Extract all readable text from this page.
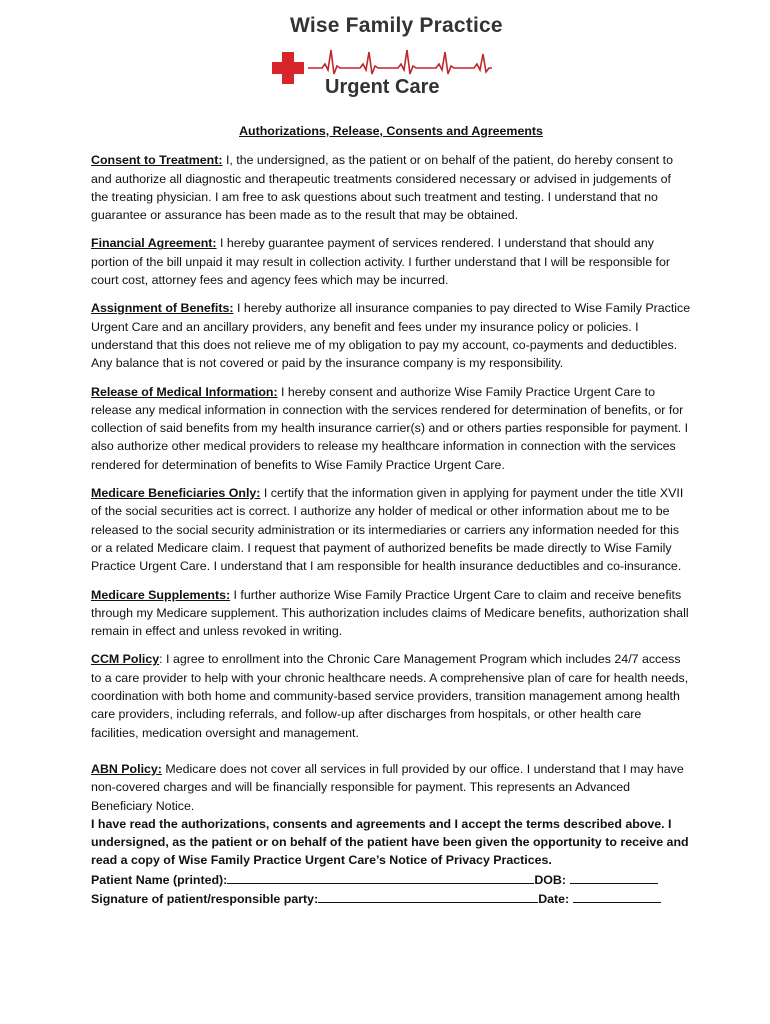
Wise Family Practice
Urgent Care
Authorizations, Release, Consents and Agreements

Consent to Treatment: I, the undersigned, as the patient or on behalf of the patient, do hereby consent to and authorize all diagnostic and therapeutic treatments considered necessary or advised in judgements of the treating physician. I am free to ask questions about such treatment and testing. I understand that no guarantee or assurance has been made as to the result that may be obtained.

Financial Agreement: I hereby guarantee payment of services rendered. I understand that should any portion of the bill unpaid it may result in collection activity. I further understand that I will be responsible for court cost, attorney fees and agency fees which may be incurred.

Assignment of Benefits: I hereby authorize all insurance companies to pay directed to Wise Family Practice Urgent Care and an ancillary providers, any benefit and fees under my insurance policy or policies. I understand that this does not relieve me of my obligation to pay my account, co-payments and deductibles. Any balance that is not covered or paid by the insurance company is my responsibility.

Release of Medical Information: I hereby consent and authorize Wise Family Practice Urgent Care to release any medical information in connection with the services rendered for determination of benefits, or for collection of said benefits from my health insurance carrier(s) and or others parties responsible for payment. I also authorize other medical providers to release my healthcare information in connection with the services rendered for determination of benefits to Wise Family Practice Urgent Care.

Medicare Beneficiaries Only: I certify that the information given in applying for payment under the title XVII of the social securities act is correct. I authorize any holder of medical or other information about me to be released to the social security administration or its intermediaries or carriers any information needed for this or a related Medicare claim. I request that payment of authorized benefits be made directly to Wise Family Practice Urgent Care. I understand that I am responsible for health insurance deductibles and co-insurance.

Medicare Supplements: I further authorize Wise Family Practice Urgent Care to claim and receive benefits through my Medicare supplement. This authorization includes claims of Medicare benefits, authorization shall remain in effect and unless revoked in writing.

CCM Policy: I agree to enrollment into the Chronic Care Management Program which includes 24/7 access to a care provider to help with your chronic healthcare needs. A comprehensive plan of care for health needs, coordination with both home and community-based service providers, transition management among health care providers, including referrals, and follow-up after discharges from hospitals, or other health care facilities, medication oversight and management.

ABN Policy: Medicare does not cover all services in full provided by our office. I understand that I may have non-covered charges and will be financially responsible for payment. This represents an Advanced Beneficiary Notice.

I have read the authorizations, consents and agreements and I accept the terms described above. I undersigned, as the patient or on behalf of the patient have been given the opportunity to receive and read a copy of Wise Family Practice Urgent Care’s Notice of Privacy Practices.

Patient Name (printed):	DOB:
Signature of patient/responsible party:	Date:
